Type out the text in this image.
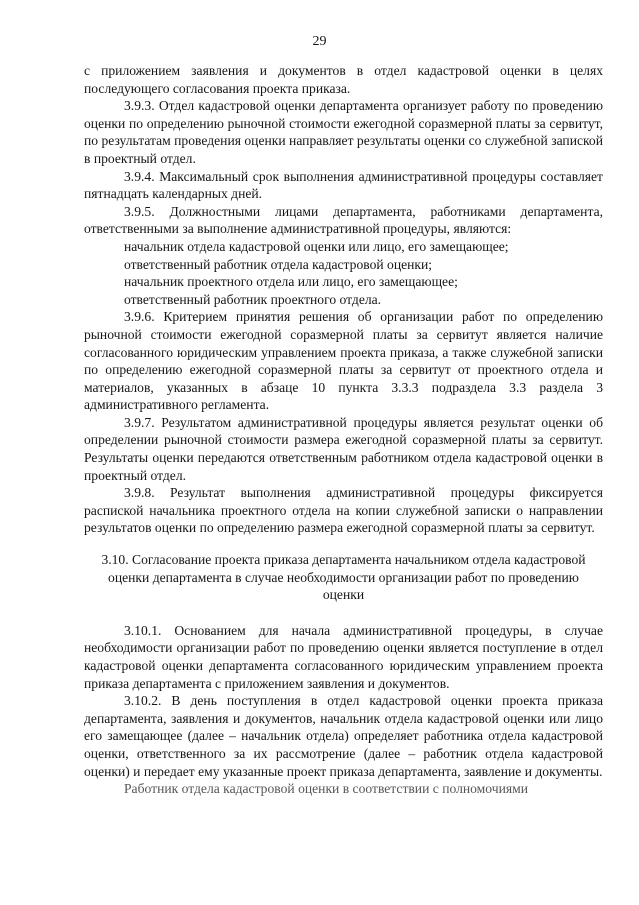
29

с приложением заявления и документов в отдел кадастровой оценки в целях последующего согласования проекта приказа.

3.9.3. Отдел кадастровой оценки департамента организует работу по проведению оценки по определению рыночной стоимости ежегодной соразмерной платы за сервитут, по результатам проведения оценки направляет результаты оценки со служебной запиской в проектный отдел.

3.9.4. Максимальный срок выполнения административной процедуры составляет пятнадцать календарных дней.

3.9.5. Должностными лицами департамента, работниками департамента, ответственными за выполнение административной процедуры, являются:

начальник отдела кадастровой оценки или лицо, его замещающее;

ответственный работник отдела кадастровой оценки;

начальник проектного отдела или лицо, его замещающее;

ответственный работник проектного отдела.

3.9.6. Критерием принятия решения об организации работ по определению рыночной стоимости ежегодной соразмерной платы за сервитут является наличие согласованного юридическим управлением проекта приказа, а также служебной записки по определению ежегодной соразмерной платы за сервитут от проектного отдела и материалов, указанных в абзаце 10 пункта 3.3.3 подраздела 3.3 раздела 3 административного регламента.

3.9.7. Результатом административной процедуры является результат оценки об определении рыночной стоимости размера ежегодной соразмерной платы за сервитут. Результаты оценки передаются ответственным работником отдела кадастровой оценки в проектный отдел.

3.9.8. Результат выполнения административной процедуры фиксируется распиской начальника проектного отдела на копии служебной записки о направлении результатов оценки по определению размера ежегодной соразмерной платы за сервитут.

3.10. Согласование проекта приказа департамента начальником отдела кадастровой оценки департамента в случае необходимости организации работ по проведению оценки

3.10.1. Основанием для начала административной процедуры, в случае необходимости организации работ по проведению оценки является поступление в отдел кадастровой оценки департамента согласованного юридическим управлением проекта приказа департамента с приложением заявления и документов.

3.10.2. В день поступления в отдел кадастровой оценки проекта приказа департамента, заявления и документов, начальник отдела кадастровой оценки или лицо его замещающее (далее – начальник отдела) определяет работника отдела кадастровой оценки, ответственного за их рассмотрение (далее – работник отдела кадастровой оценки) и передает ему указанные проект приказа департамента, заявление и документы.

Работник отдела кадастровой оценки в соответствии с полномочиями
